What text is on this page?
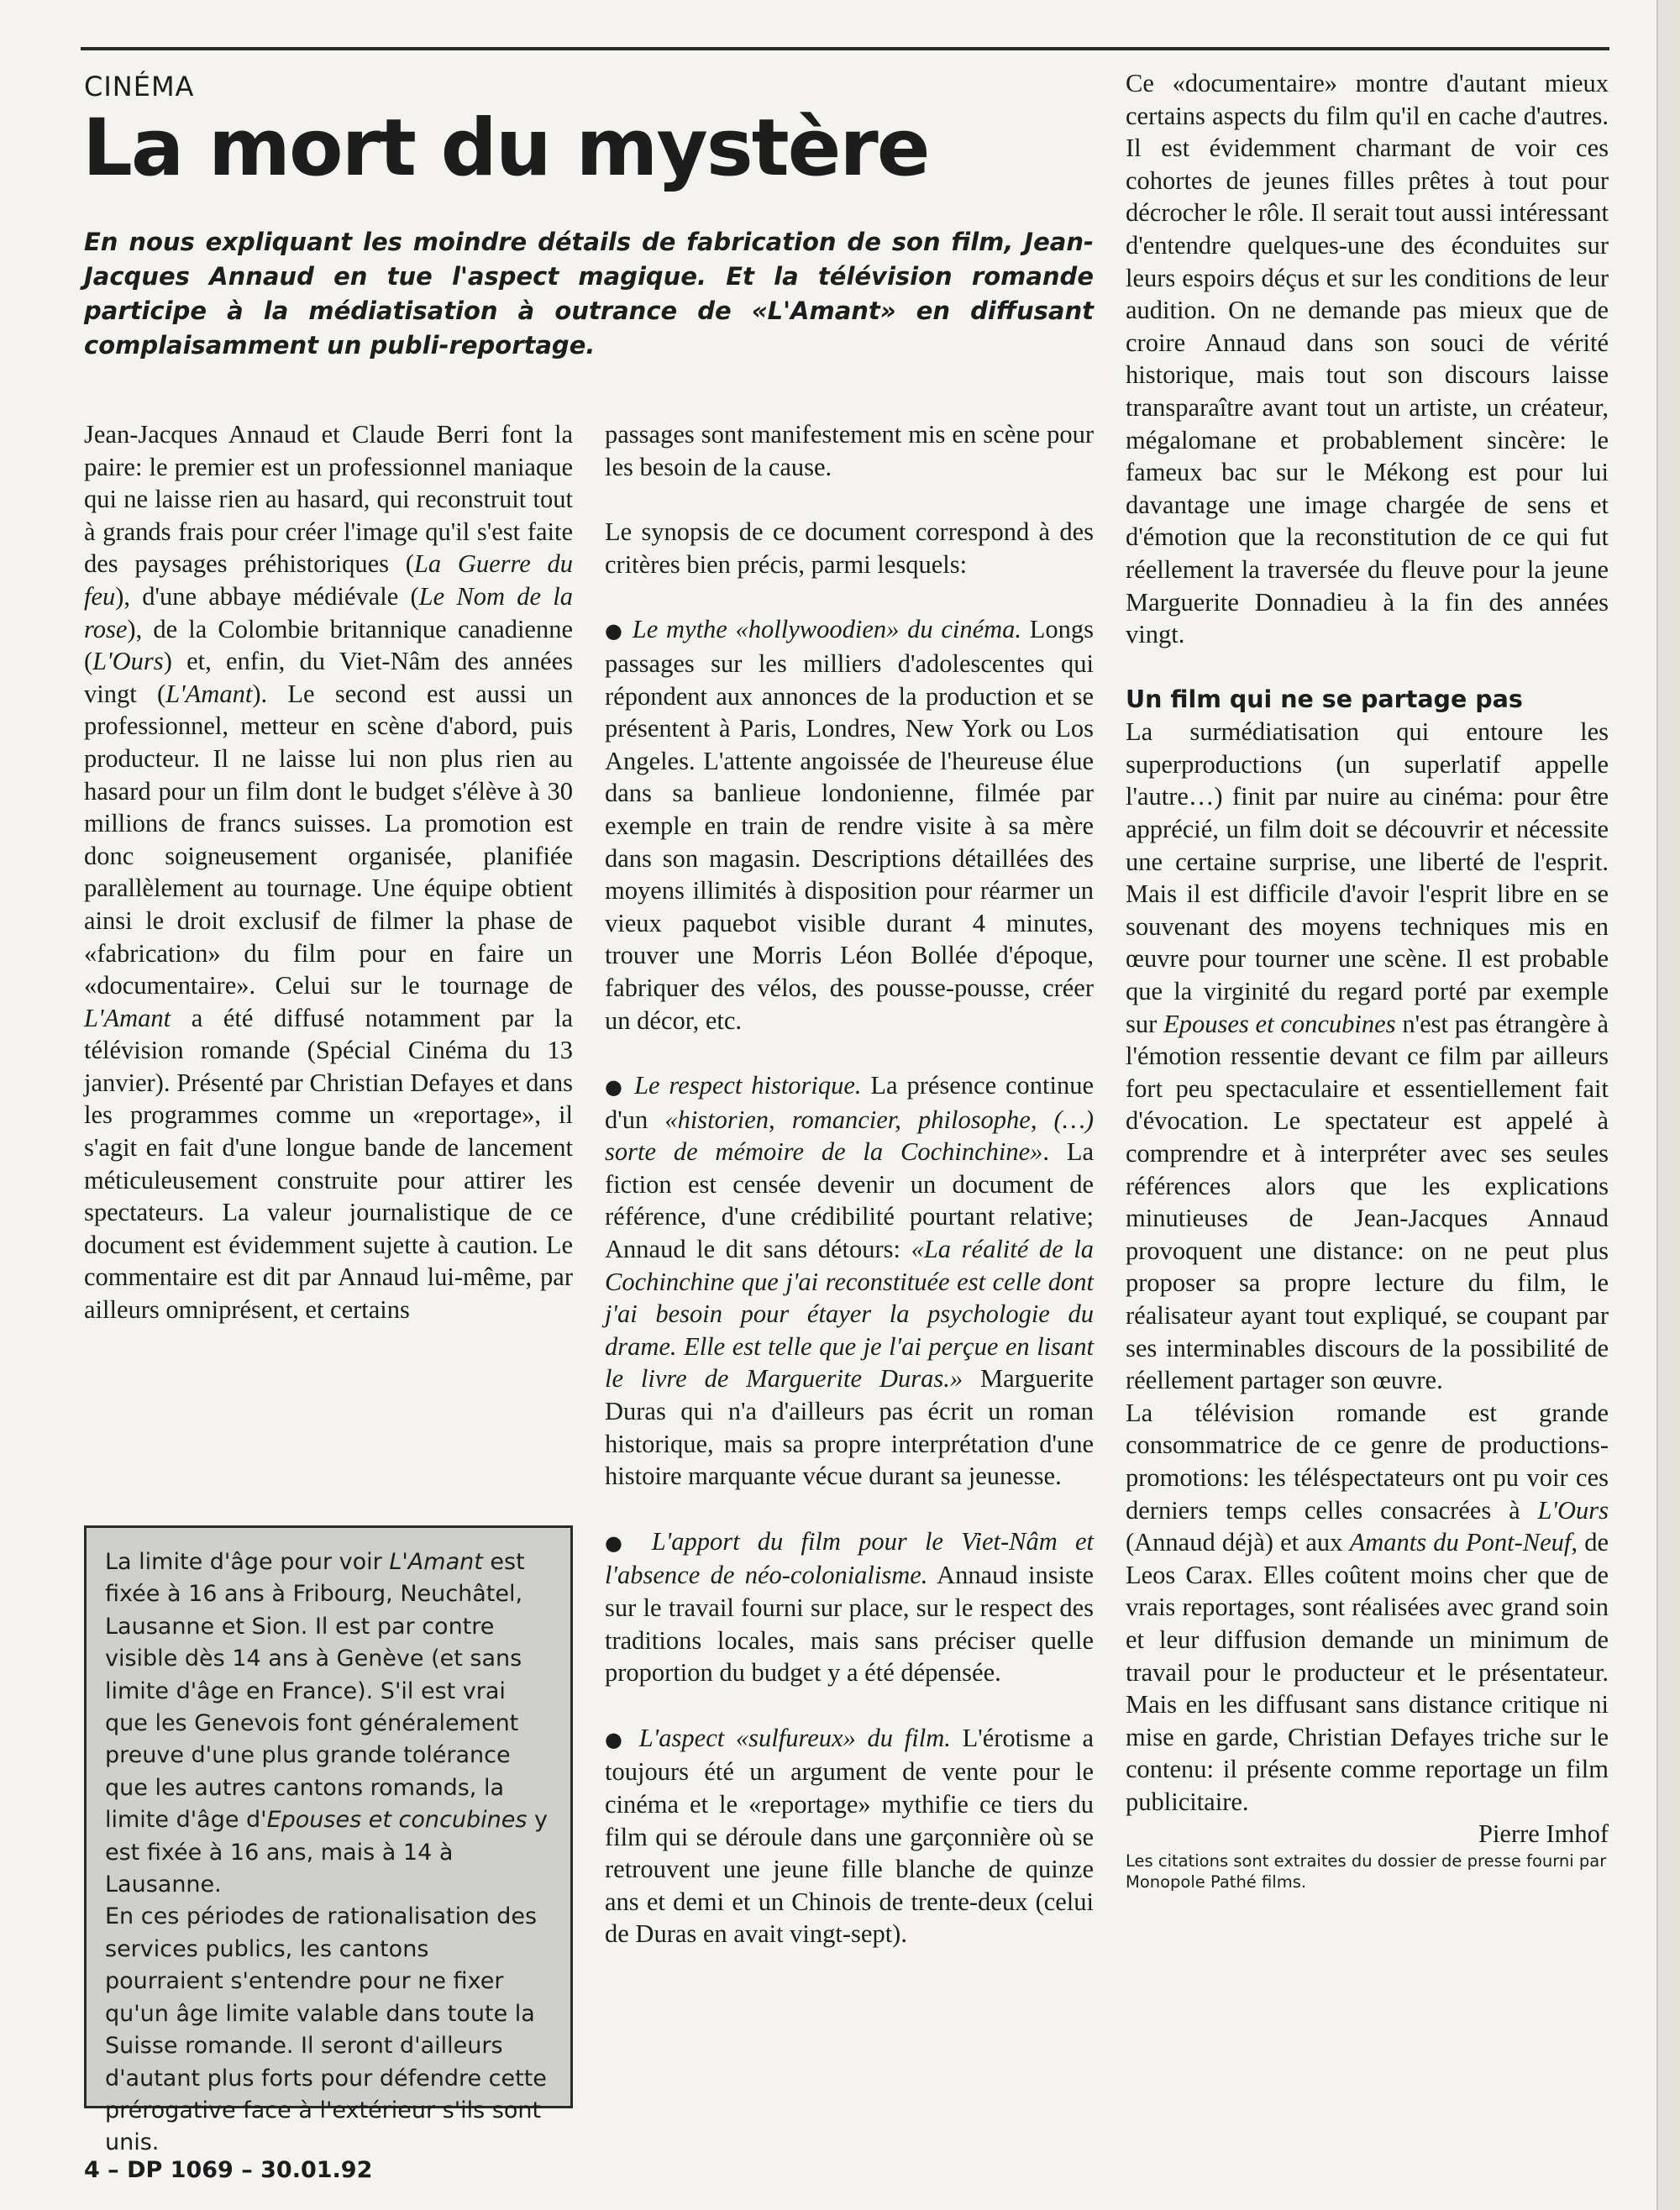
CINÉMA
La mort du mystère

En nous expliquant les moindre détails de fabrication de son film, Jean-Jacques Annaud en tue l'aspect magique. Et la télévision romande participe à la médiatisation à outrance de «L'Amant» en diffusant complaisamment un publi-reportage.

Jean-Jacques Annaud et Claude Berri font la paire: le premier est un professionnel maniaque qui ne laisse rien au hasard, qui reconstruit tout à grands frais pour créer l'image qu'il s'est faite des paysages préhistoriques (La Guerre du feu), d'une abbaye médiévale (Le Nom de la rose), de la Colombie britannique canadienne (L'Ours) et, enfin, du Viet-Nâm des années vingt (L'Amant). Le second est aussi un professionnel, metteur en scène d'abord, puis producteur. Il ne laisse lui non plus rien au hasard pour un film dont le budget s'élève à 30 millions de francs suisses. La promotion est donc soigneusement organisée, planifiée parallèlement au tournage. Une équipe obtient ainsi le droit exclusif de filmer la phase de «fabrication» du film pour en faire un «documentaire». Celui sur le tournage de L'Amant a été diffusé notamment par la télévision romande (Spécial Cinéma du 13 janvier). Présenté par Christian Defayes et dans les programmes comme un «reportage», il s'agit en fait d'une longue bande de lancement méticuleusement construite pour attirer les spectateurs. La valeur journalistique de ce document est évidemment sujette à caution. Le commentaire est dit par Annaud lui-même, par ailleurs omniprésent, et certains

passages sont manifestement mis en scène pour les besoin de la cause.

Le synopsis de ce document correspond à des critères bien précis, parmi lesquels:

● Le mythe «hollywoodien» du cinéma. Longs passages sur les milliers d'adolescentes qui répondent aux annonces de la production et se présentent à Paris, Londres, New York ou Los Angeles. L'attente angoissée de l'heureuse élue dans sa banlieue londonienne, filmée par exemple en train de rendre visite à sa mère dans son magasin. Descriptions détaillées des moyens illimités à disposition pour réarmer un vieux paquebot visible durant 4 minutes, trouver une Morris Léon Bollée d'époque, fabriquer des vélos, des pousse-pousse, créer un décor, etc.

● Le respect historique. La présence continue d'un «historien, romancier, philosophe, (…) sorte de mémoire de la Cochinchine». La fiction est censée devenir un document de référence, d'une crédibilité pourtant relative; Annaud le dit sans détours: «La réalité de la Cochinchine que j'ai reconstituée est celle dont j'ai besoin pour étayer la psychologie du drame. Elle est telle que je l'ai perçue en lisant le livre de Marguerite Duras.» Marguerite Duras qui n'a d'ailleurs pas écrit un roman historique, mais sa propre interprétation d'une histoire marquante vécue durant sa jeunesse.

● L'apport du film pour le Viet-Nâm et l'absence de néo-colonialisme. Annaud insiste sur le travail fourni sur place, sur le respect des traditions locales, mais sans préciser quelle proportion du budget y a été dépensée.

● L'aspect «sulfureux» du film. L'érotisme a toujours été un argument de vente pour le cinéma et le «reportage» mythifie ce tiers du film qui se déroule dans une garçonnière où se retrouvent une jeune fille blanche de quinze ans et demi et un Chinois de trente-deux (celui de Duras en avait vingt-sept).

Ce «documentaire» montre d'autant mieux certains aspects du film qu'il en cache d'autres. Il est évidemment charmant de voir ces cohortes de jeunes filles prêtes à tout pour décrocher le rôle. Il serait tout aussi intéressant d'entendre quelques-une des éconduites sur leurs espoirs déçus et sur les conditions de leur audition. On ne demande pas mieux que de croire Annaud dans son souci de vérité historique, mais tout son discours laisse transparaître avant tout un artiste, un créateur, mégalomane et probablement sincère: le fameux bac sur le Mékong est pour lui davantage une image chargée de sens et d'émotion que la reconstitution de ce qui fut réellement la traversée du fleuve pour la jeune Marguerite Donnadieu à la fin des années vingt.

Un film qui ne se partage pas

La surmédiatisation qui entoure les superproductions (un superlatif appelle l'autre…) finit par nuire au cinéma: pour être apprécié, un film doit se découvrir et nécessite une certaine surprise, une liberté de l'esprit. Mais il est difficile d'avoir l'esprit libre en se souvenant des moyens techniques mis en œuvre pour tourner une scène. Il est probable que la virginité du regard porté par exemple sur Epouses et concubines n'est pas étrangère à l'émotion ressentie devant ce film par ailleurs fort peu spectaculaire et essentiellement fait d'évocation. Le spectateur est appelé à comprendre et à interpréter avec ses seules références alors que les explications minutieuses de Jean-Jacques Annaud provoquent une distance: on ne peut plus proposer sa propre lecture du film, le réalisateur ayant tout expliqué, se coupant par ses interminables discours de la possibilité de réellement partager son œuvre.

La télévision romande est grande consommatrice de ce genre de productions-promotions: les téléspectateurs ont pu voir ces derniers temps celles consacrées à L'Ours (Annaud déjà) et aux Amants du Pont-Neuf, de Leos Carax. Elles coûtent moins cher que de vrais reportages, sont réalisées avec grand soin et leur diffusion demande un minimum de travail pour le producteur et le présentateur. Mais en les diffusant sans distance critique ni mise en garde, Christian Defayes triche sur le contenu: il présente comme reportage un film publicitaire.

Pierre Imhof

Les citations sont extraites du dossier de presse fourni par Monopole Pathé films.

La limite d'âge pour voir L'Amant est fixée à 16 ans à Fribourg, Neuchâtel, Lausanne et Sion. Il est par contre visible dès 14 ans à Genève (et sans limite d'âge en France). S'il est vrai que les Genevois font généralement preuve d'une plus grande tolérance que les autres cantons romands, la limite d'âge d'Epouses et concubines y est fixée à 16 ans, mais à 14 à Lausanne.

En ces périodes de rationalisation des services publics, les cantons pourraient s'entendre pour ne fixer qu'un âge limite valable dans toute la Suisse romande. Il seront d'ailleurs d'autant plus forts pour défendre cette prérogative face à l'extérieur s'ils sont unis.

4 – DP 1069 – 30.01.92
